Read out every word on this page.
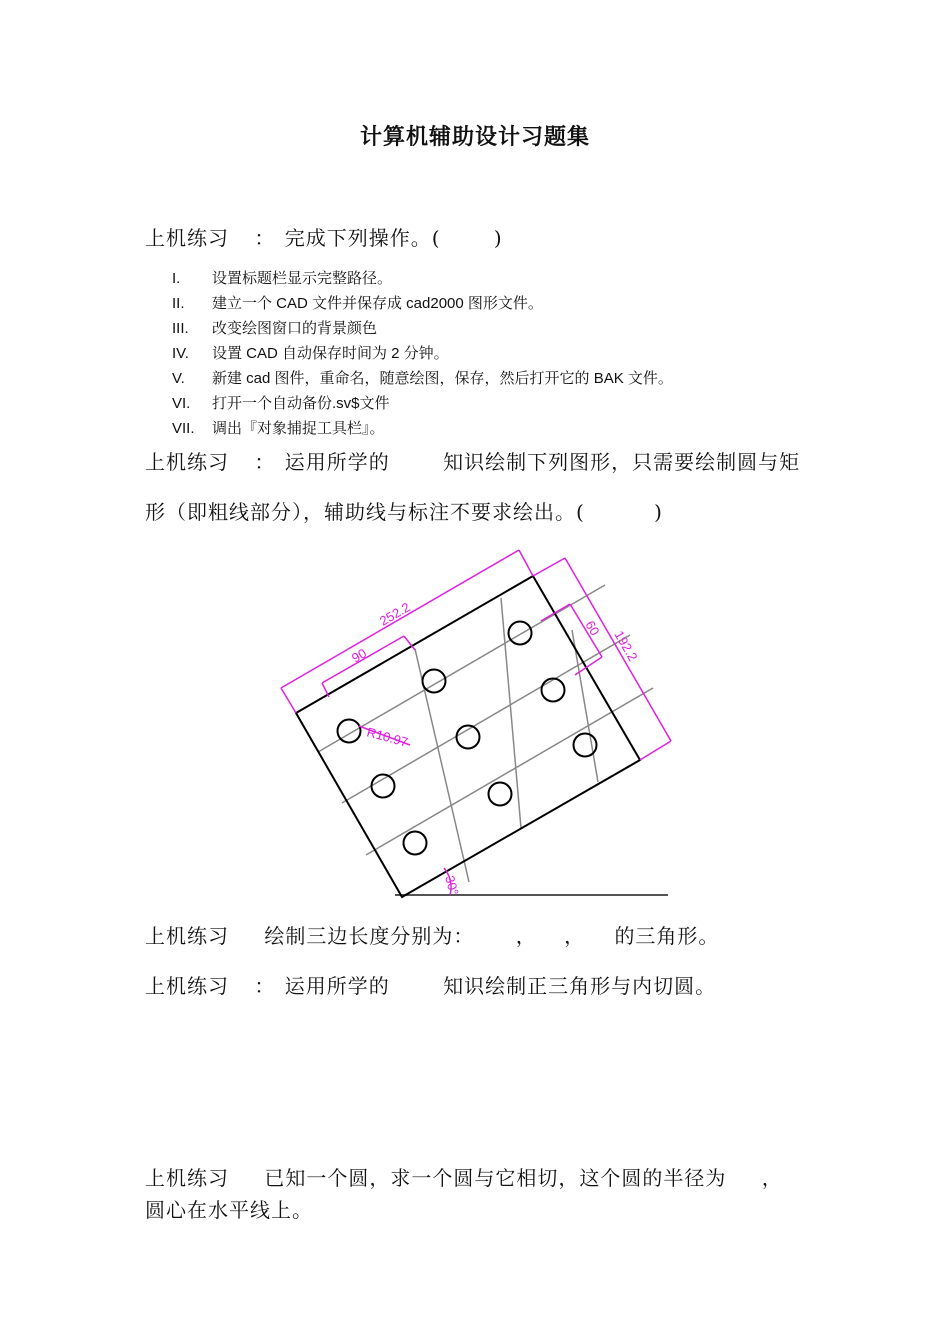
计算机辅助设计习题集
上机练习 ： 完成下列操作。(	)
I. 设置标题栏显示完整路径。
II. 建立一个 CAD 文件并保存成 cad2000 图形文件。
III. 改变绘图窗口的背景颜色
IV. 设置 CAD 自动保存时间为 2 分钟。
V. 新建 cad 图件，重命名，随意绘图，保存，然后打开它的 BAK 文件。
VI. 打开一个自动备份.sv$文件
VII. 调出『对象捕捉工具栏』。
上机练习 ： 运用所学的	知识绘制下列图形，只需要绘制圆与矩
形（即粗线部分），辅助线与标注不要求绘出。(	)
252.2
90	192.2
60
R10.97
30°
上机练习 绘制三边长度分别为： ， ， 的三角形。
上机练习 ： 运用所学的	知识绘制正三角形与内切圆。
上机练习 已知一个圆，求一个圆与它相切，这个圆的半径为 ，
圆心在水平线上。
